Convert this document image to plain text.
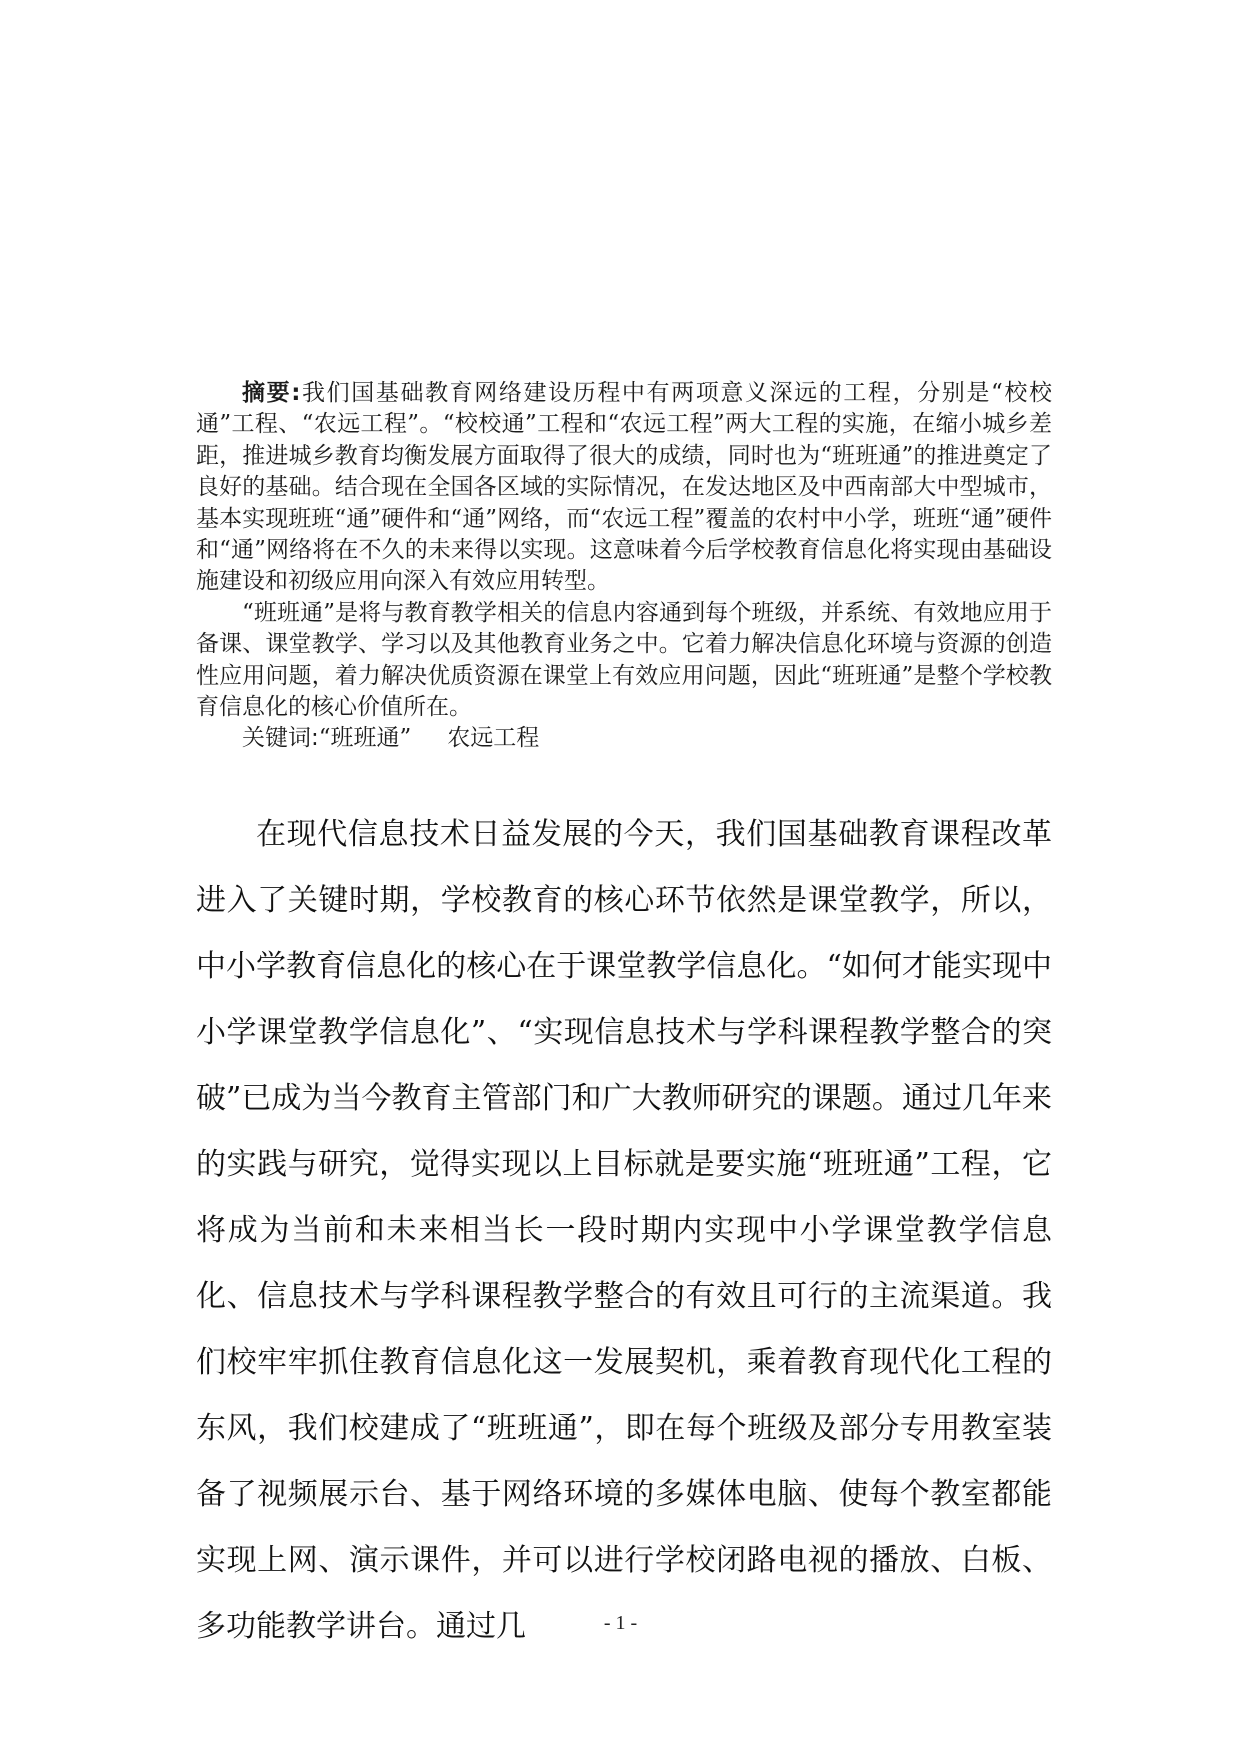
摘要:我们国基础教育网络建设历程中有两项意义深远的工程，分别是“校校通”工程、“农远工程”。“校校通”工程和“农远工程”两大工程的实施，在缩小城乡差距，推进城乡教育均衡发展方面取得了很大的成绩，同时也为“班班通”的推进奠定了良好的基础。结合现在全国各区域的实际情况，在发达地区及中西南部大中型城市，基本实现班班“通”硬件和“通”网络，而“农远工程”覆盖的农村中小学，班班“通”硬件和“通”网络将在不久的未来得以实现。这意味着今后学校教育信息化将实现由基础设施建设和初级应用向深入有效应用转型。

“班班通”是将与教育教学相关的信息内容通到每个班级，并系统、有效地应用于备课、课堂教学、学习以及其他教育业务之中。它着力解决信息化环境与资源的创造性应用问题，着力解决优质资源在课堂上有效应用问题，因此“班班通”是整个学校教育信息化的核心价值所在。

关键词:“班班通” 农远工程

在现代信息技术日益发展的今天，我们国基础教育课程改革进入了关键时期，学校教育的核心环节依然是课堂教学，所以，中小学教育信息化的核心在于课堂教学信息化。“如何才能实现中小学课堂教学信息化”、“实现信息技术与学科课程教学整合的突破”已成为当今教育主管部门和广大教师研究的课题。通过几年来的实践与研究，觉得实现以上目标就是要实施“班班通”工程，它将成为当前和未来相当长一段时期内实现中小学课堂教学信息化、信息技术与学科课程教学整合的有效且可行的主流渠道。我们校牢牢抓住教育信息化这一发展契机，乘着教育现代化工程的东风，我们校建成了“班班通”，即在每个班级及部分专用教室装备了视频展示台、基于网络环境的多媒体电脑、使每个教室都能实现上网、演示课件，并可以进行学校闭路电视的播放、白板、多功能教学讲台。通过几	- 1 -
